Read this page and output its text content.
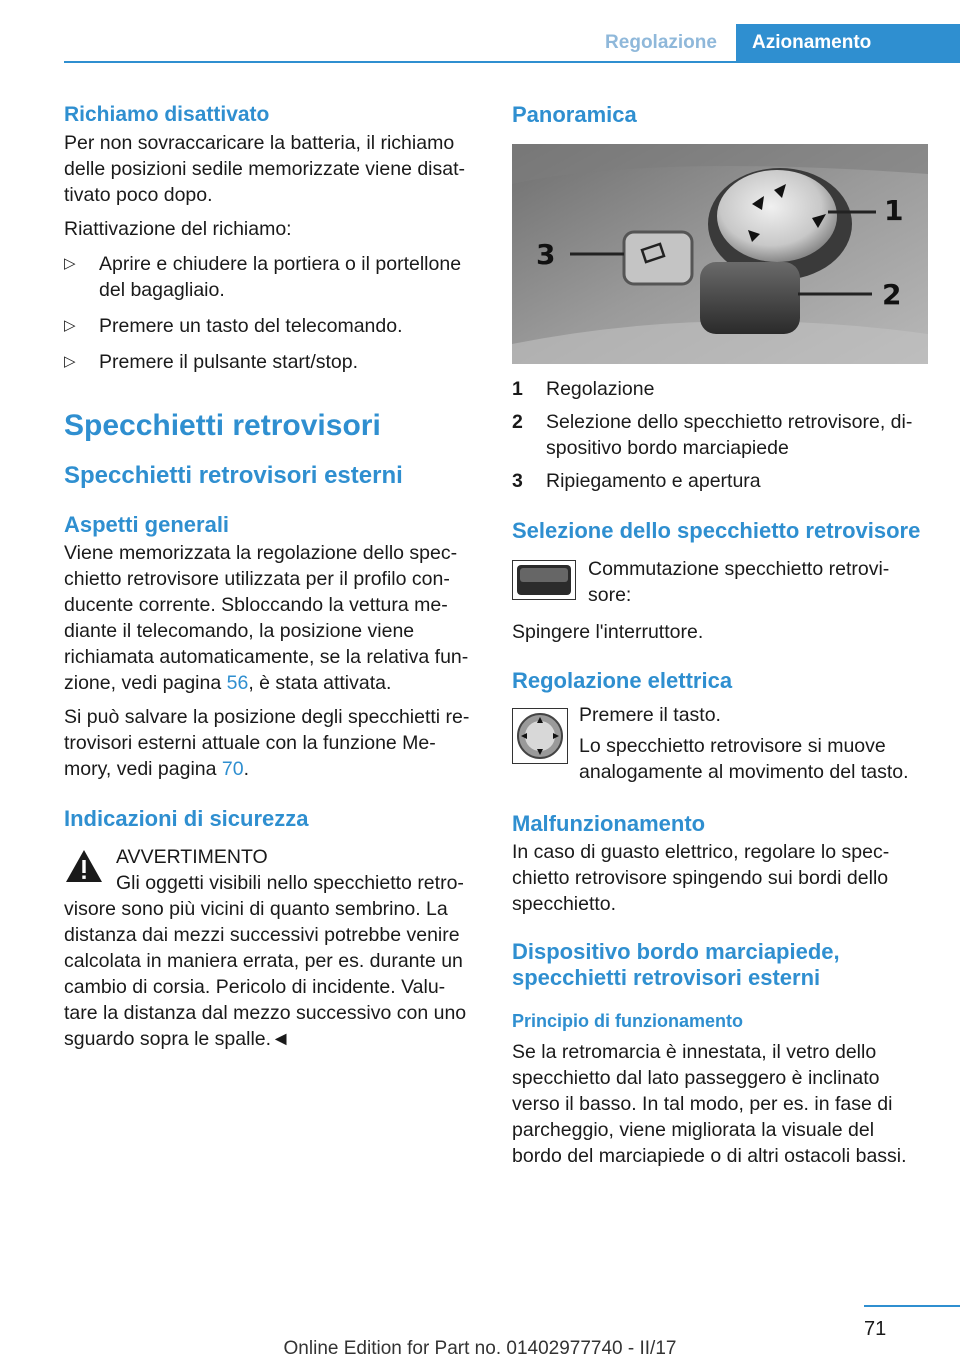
Regolazione	Azionamento
Richiamo disattivato

Per non sovraccaricare la batteria, il richiamo delle posizioni sedile memorizzate viene disat-tivato poco dopo.

Riattivazione del richiamo:

▷ Aprire e chiudere la portiera o il portellone del bagagliaio.
▷ Premere un tasto del telecomando.
▷ Premere il pulsante start/stop.
Specchietti retrovisori
Specchietti retrovisori esterni
Aspetti generali

Viene memorizzata la regolazione dello spec-chietto retrovisore utilizzata per il profilo con-ducente corrente. Sbloccando la vettura me-diante il telecomando, la posizione viene richiamata automaticamente, se la relativa fun-zione, vedi pagina 56, è stata attivata.

Si può salvare la posizione degli specchietti re-trovisori esterni attuale con la funzione Me-mory, vedi pagina 70.

Indicazioni di sicurezza

AVVERTIMENTO

Gli oggetti visibili nello specchietto retro-visore sono più vicini di quanto sembrino. La distanza dai mezzi successivi potrebbe venire calcolata in maniera errata, per es. durante un cambio di corsia. Pericolo di incidente. Valu-tare la distanza dal mezzo successivo con uno sguardo sopra le spalle.◄

Panoramica
1
2
3
1 Regolazione
2 Selezione dello specchietto retrovisore, di-spositivo bordo marciapiede
3 Ripiegamento e apertura
Selezione dello specchietto retrovisore

Commutazione specchietto retrovi-sore:

Spingere l'interruttore.

Regolazione elettrica

Premere il tasto.

Lo specchietto retrovisore si muove analogamente al movimento del tasto.

Malfunzionamento

In caso di guasto elettrico, regolare lo spec-chietto retrovisore spingendo sui bordi dello specchietto.

Dispositivo bordo marciapiede, specchietti retrovisori esterni
Principio di funzionamento

Se la retromarcia è innestata, il vetro dello specchietto dal lato passeggero è inclinato verso il basso. In tal modo, per es. in fase di parcheggio, viene migliorata la visuale del bordo del marciapiede o di altri ostacoli bassi.

71
Online Edition for Part no. 01402977740 - II/17
